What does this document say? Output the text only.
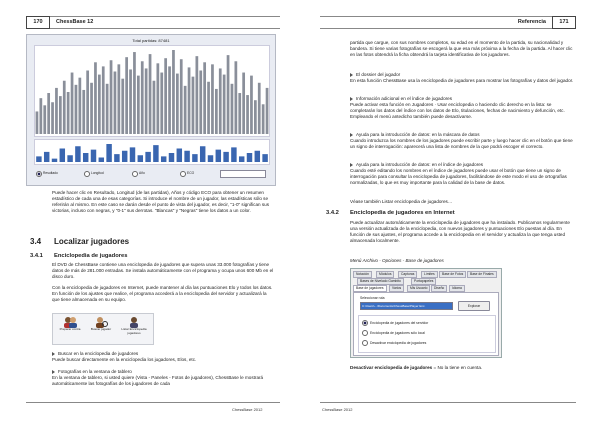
170	ChessBase 12
Total partidas: 87481
Resultado	Longitud	Año	ECO
Puede hacer clic en Resultado, Longitud (de las partidas), Años y código ECO para obtener un resumen estadístico de cada una de esas categorías. Si introduce el nombre de un jugador, las estadísticas sólo se referirán al mismo. En este caso se darán desde el punto de vista del jugador, es decir, "1-0" significan sus victorias, incluso con negras, y "0-1" sus derrotas. "Blancas" y "Negras" tiene los datos a un color.
3.4 Localizar jugadores
3.4.1 Enciclopedia de jugadores
El DVD de ChessBase contiene una enciclopedia de jugadores que supera unas 33.000 fotografías y tiene datos de más de 281.000 entradas. Se instala automáticamente con el programa y ocupa unos 600 Mb en el disco duro.
Con la enciclopedia de jugadores en Internet, puede mantener al día las puntuaciones Elo y todos los datos. En función de los ajustes que realice, el programa accederá a la enciclopedia del servidor y actualizará la que tiene almacenada en su equipo.
Preparar contra	Buscar jugador	Listar Enciclopedia jugadores
Buscar en la enciclopedia de jugadores
Puede buscar directamente en la enciclopedia los jugadores, Elos, etc.
Fotografías en la ventana de tablero
En la ventana de tablero, si usted quiere (Vista - Paneles - Fotos de jugadores), ChessBase le mostrará automáticamente las fotografías de los jugadores de cada
ChessBase 2012
Referencia	171
partida que cargue, con sus nombres completos, su edad en el momento de la partida, su nacionalidad y bandera. Si tiene varias fotografías se escogerá la que esa más próxima a la fecha de la partida. Al hacer clic en las fotos obtendrá la ficha obtendrá la tarjeta identificativa de los jugadores.
El dossier del jugador
En esta función ChessBase usa la enciclopedia de jugadores para mostrar las fotografías y datos del jugador.
Información adicional en el índice de jugadores
Puede activar esta función en Jugadores · Usar enciclopedia o haciendo clic derecho en la lista: se completarán los datos del índice con los datos de Elo, titulaciones, fechas de nacimiento y defunción, etc. Empleando el menú antedicho también puede desactivarse.
Ayuda para la introducción de datos: en la máscara de datos
Cuando introduzca los nombres de los jugadores puede escribir parte y luego hacer clic en el botón que tiene un signo de interrogación: aparecerá una lista de nombres de la que podrá escoger el correcto.
Ayuda para la introducción de datos: en el índice de jugadores
Cuando esté editando los nombres en el índice de jugadores puede usar el botón que tiene un signo de interrogación para consultar la enciclopedia de jugadores, facilitándose de este modo el uso de ortografías normalizadas, lo que es muy importante para la calidad de la base de datos.
Véase también Listar enciclopedia de jugadores…
3.4.2 Enciclopedia de jugadores en Internet
Puede actualizar automáticamente la enciclopedia de jugadores que ha instalado. Publicamos regularmente una versión actualizada de la enciclopedia, con nuevos jugadores y puntuaciones Elo puestas al día. En función de sus ajustes, el programa accede a la enciclopedia en el servidor y actualiza la que tenga usted almacenada localmente.
Menú Archivo - Opciones - Base de jugadores
Notación	Módulos	Capturas	Límites	Base de Fotos	Base de Finales
Bases de Nivelado Gambito	Portapapeles
Base de jugadores	Varios	Mis Usuario	Diseño	Idioma
Seleccionar ruta
C:\Users\...\Documents\ChessBase\Player Enc.	Explorar
Enciclopedia de jugadores del servidor
Enciclopedia de jugadores sólo local
Desactivar enciclopedia de jugadores
Desactivar enciclopedia de jugadores = No la tiene en cuenta.
ChessBase 2012
